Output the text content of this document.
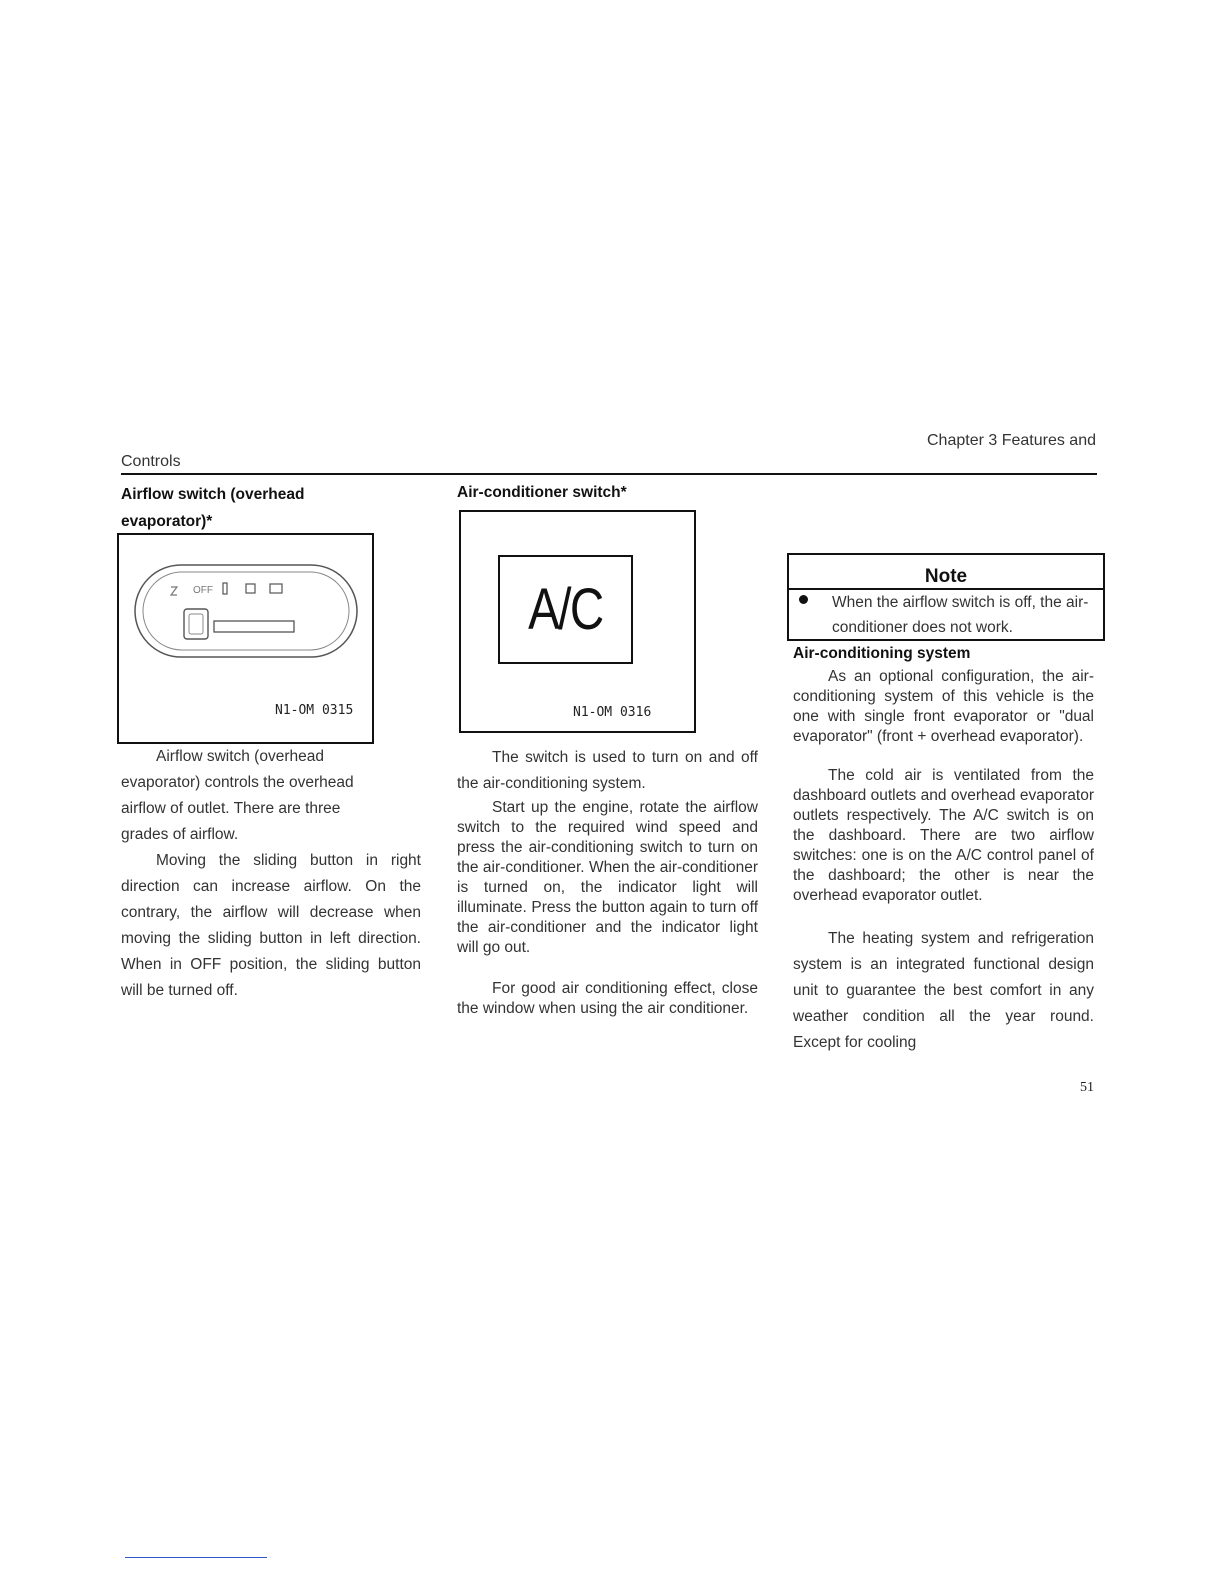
Chapter 3 Features and
Controls
Airflow switch (overhead
evaporator)*
OFF
N1-OM 0315
Airflow switch (overhead
evaporator) controls the overhead
airflow of outlet. There are three
grades of airflow.
Moving the sliding button in right direction can increase airflow. On the contrary, the airflow will decrease when moving the sliding button in left direction. When in OFF position, the sliding button will be turned off.
Air-conditioner switch*
A/C
N1-OM 0316
The switch is used to turn on and off the air-conditioning system.
Start up the engine, rotate the airflow switch to the required wind speed and press the air-conditioning switch to turn on the air-conditioner. When the air-conditioner is turned on, the indicator light will illuminate. Press the button again to turn off the air-conditioner and the indicator light will go out.
For good air conditioning effect, close the window when using the air conditioner.
Note
When the airflow switch is off, the air-conditioner does not work.
Air-conditioning system
As an optional configuration, the air-conditioning system of this vehicle is the one with single front evaporator or "dual evaporator" (front + overhead evaporator).
The cold air is ventilated from the dashboard outlets and overhead evaporator outlets respectively. The A/C switch is on the dashboard. There are two airflow switches: one is on the A/C control panel of the dashboard; the other is near the overhead evaporator outlet.
The heating system and refrigeration system is an integrated functional design unit to guarantee the best comfort in any weather condition all the year round. Except for cooling
51
